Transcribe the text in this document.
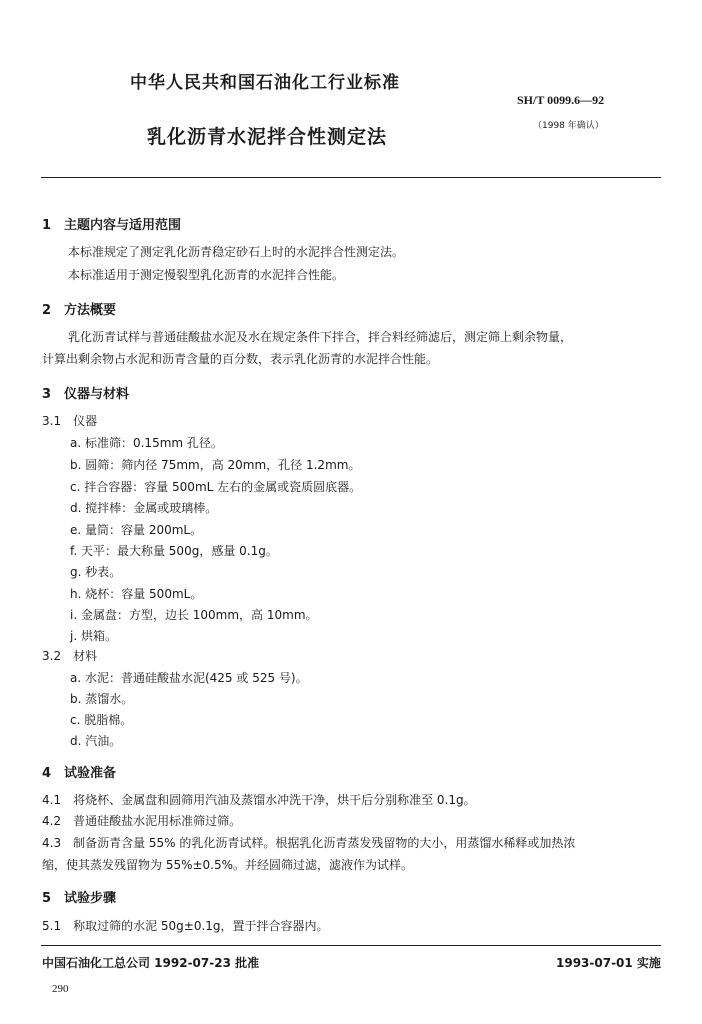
中华人民共和国石油化工行业标准
SH/T 0099.6—92
（1998 年确认）
乳化沥青水泥拌合性测定法
1　主题内容与适用范围
本标准规定了测定乳化沥青稳定砂石上时的水泥拌合性测定法。
本标准适用于测定慢裂型乳化沥青的水泥拌合性能。
2　方法概要
乳化沥青试样与普通硅酸盐水泥及水在规定条件下拌合，拌合料经筛滤后，测定筛上剩余物量，
计算出剩余物占水泥和沥青含量的百分数，表示乳化沥青的水泥拌合性能。
3　仪器与材料
3.1　仪器
a. 标准筛：0.15mm 孔径。
b. 圆筛：筛内径 75mm，高 20mm，孔径 1.2mm。
c. 拌合容器：容量 500mL 左右的金属或瓷质圆底器。
d. 搅拌棒：金属或玻璃棒。
e. 量筒：容量 200mL。
f. 天平：最大称量 500g，感量 0.1g。
g. 秒表。
h. 烧杯：容量 500mL。
i. 金属盘：方型，边长 100mm，高 10mm。
j. 烘箱。
3.2　材料
a. 水泥：普通硅酸盐水泥(425 或 525 号)。
b. 蒸馏水。
c. 脱脂棉。
d. 汽油。
4　试验准备
4.1　将烧杯、金属盘和圆筛用汽油及蒸馏水冲洗干净，烘干后分别称准至 0.1g。
4.2　普通硅酸盐水泥用标准筛过筛。
4.3　制备沥青含量 55% 的乳化沥青试样。根据乳化沥青蒸发残留物的大小，用蒸馏水稀释或加热浓
缩，使其蒸发残留物为 55%±0.5%。并经圆筛过滤，滤液作为试样。
5　试验步骤
5.1　称取过筛的水泥 50g±0.1g，置于拌合容器内。
中国石油化工总公司 1992-07-23 批准	1993-07-01 实施
290
